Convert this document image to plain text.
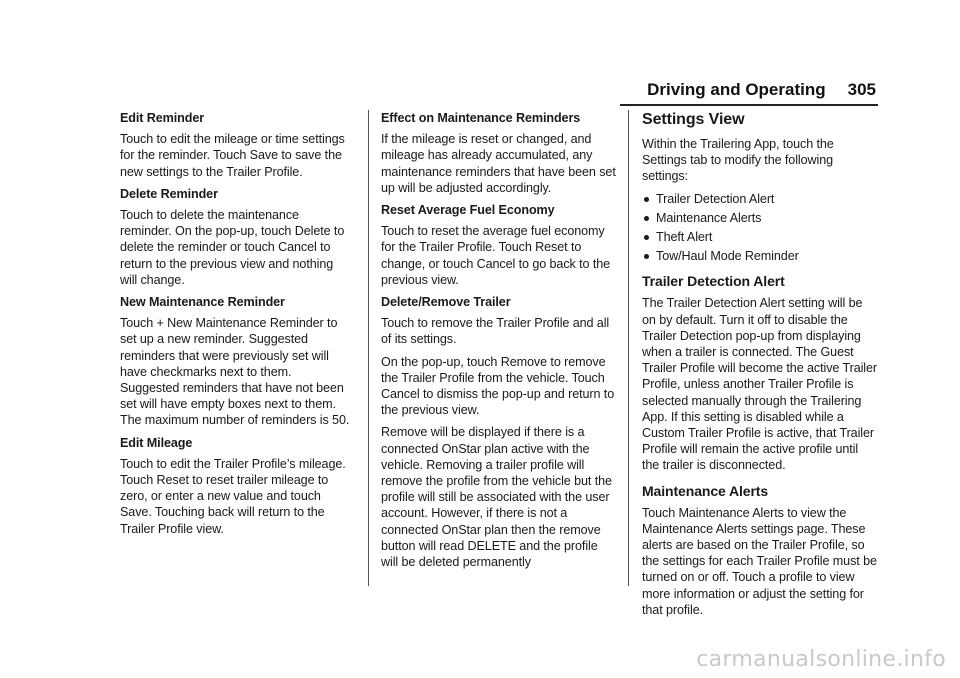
Driving and Operating 305
Edit Reminder

Touch to edit the mileage or time settings for the reminder. Touch Save to save the new settings to the Trailer Profile.

Delete Reminder

Touch to delete the maintenance reminder. On the pop-up, touch Delete to delete the reminder or touch Cancel to return to the previous view and nothing will change.

New Maintenance Reminder

Touch + New Maintenance Reminder to set up a new reminder. Suggested reminders that were previously set will have checkmarks next to them. Suggested reminders that have not been set will have empty boxes next to them. The maximum number of reminders is 50.

Edit Mileage

Touch to edit the Trailer Profile’s mileage. Touch Reset to reset trailer mileage to zero, or enter a new value and touch Save. Touching back will return to the Trailer Profile view.

Effect on Maintenance Reminders

If the mileage is reset or changed, and mileage has already accumulated, any maintenance reminders that have been set up will be adjusted accordingly.

Reset Average Fuel Economy

Touch to reset the average fuel economy for the Trailer Profile. Touch Reset to change, or touch Cancel to go back to the previous view.

Delete/Remove Trailer

Touch to remove the Trailer Profile and all of its settings.

On the pop-up, touch Remove to remove the Trailer Profile from the vehicle. Touch Cancel to dismiss the pop-up and return to the previous view.

Remove will be displayed if there is a connected OnStar plan active with the vehicle. Removing a trailer profile will remove the profile from the vehicle but the profile will still be associated with the user account. However, if there is not a connected OnStar plan then the remove button will read DELETE and the profile will be deleted permanently

Settings View

Within the Trailering App, touch the Settings tab to modify the following settings:

Trailer Detection Alert
Maintenance Alerts
Theft Alert
Tow/Haul Mode Reminder
Trailer Detection Alert

The Trailer Detection Alert setting will be on by default. Turn it off to disable the Trailer Detection pop-up from displaying when a trailer is connected. The Guest Trailer Profile will become the active Trailer Profile, unless another Trailer Profile is selected manually through the Trailering App. If this setting is disabled while a Custom Trailer Profile is active, that Trailer Profile will remain the active profile until the trailer is disconnected.

Maintenance Alerts

Touch Maintenance Alerts to view the Maintenance Alerts settings page. These alerts are based on the Trailer Profile, so the settings for each Trailer Profile must be turned on or off. Touch a profile to view more information or adjust the setting for that profile.

carmanualsonline.info
